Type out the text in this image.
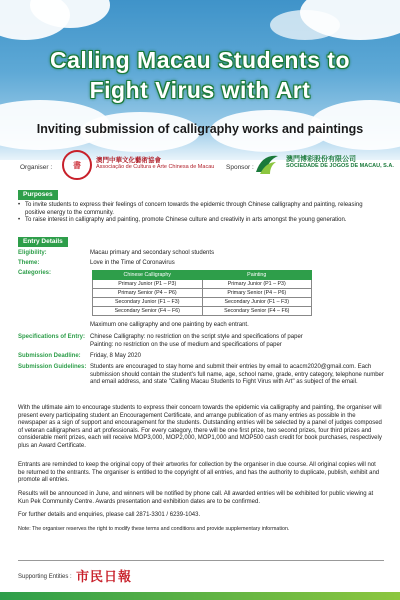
Calling Macau Students to
Fight Virus with Art
Inviting submission of calligraphy works and paintings
Organiser :	書 澳門中華文化藝術協會
Associação de Cultura e Arte Chinesa de Macau Sponsor :
澳門博彩股份有限公司
SOCIEDADE DE JOGOS DE MACAU, S.A.
Purposes
• To invite students to express their feelings of concern towards the epidemic through Chinese calligraphy and painting, releasing positive energy to the community.
• To raise interest in calligraphy and painting, promote Chinese culture and creativity in arts amongst the young generation.
Entry Details
Eligibility:	Macau primary and secondary school students
Theme:	Love in the Time of Coronavirus
Categories:	Chinese Calligraphy	Painting
Primary Junior (P1 – P3)	Primary Junior (P1 – P3)
Primary Senior (P4 – P6)	Primary Senior (P4 – P6)
Secondary Junior (F1 – F3)	Secondary Junior (F1 – F3)
Secondary Senior (F4 – F6)	Secondary Senior (F4 – F6)
Maximum one calligraphy and one painting by each entrant.
Specifications of Entry: Chinese Calligraphy: no restriction on the script style and specifications of paper
Painting: no restriction on the use of medium and specifications of paper
Submission Deadline: Friday, 8 May 2020
Submission Guidelines: Students are encouraged to stay home and submit their entries by email to acacm2020@gmail.com. Each submission should contain the student's full name, age, school name, grade, entry category, telephone number and email address, and state "Calling Macau Students to Fight Virus with Art" as subject of the email.
With the ultimate aim to encourage students to express their concern towards the epidemic via calligraphy and painting, the organiser will present every participating student an Encouragement Certificate, and arrange publication of as many entries as possible in the newspaper as a sign of support and encouragement for the students. Outstanding entries will be selected by a panel of judges composed of veteran calligraphers and art professionals. For every category, there will be one first prize, two second prizes, four third prizes and considerable merit prizes, each will receive MOP3,000, MOP2,000, MOP1,000 and MOP500 cash credit for book purchases, respectively plus an Award Certificate.
Entrants are reminded to keep the original copy of their artworks for collection by the organiser in due course. All original copies will not be returned to the entrants. The organiser is entitled to the copyright of all entries, and has the authority to duplicate, publish, exhibit and promote all entries.
Results will be announced in June, and winners will be notified by phone call. All awarded entries will be exhibited for public viewing at Kun Pek Community Centre. Awards presentation and exhibition dates are to be confirmed.
For further details and enquiries, please call 2871-3301 / 6239-1043.
Note: The organiser reserves the right to modify these terms and conditions and provide supplementary information.
Supporting Entities : 市民日報
